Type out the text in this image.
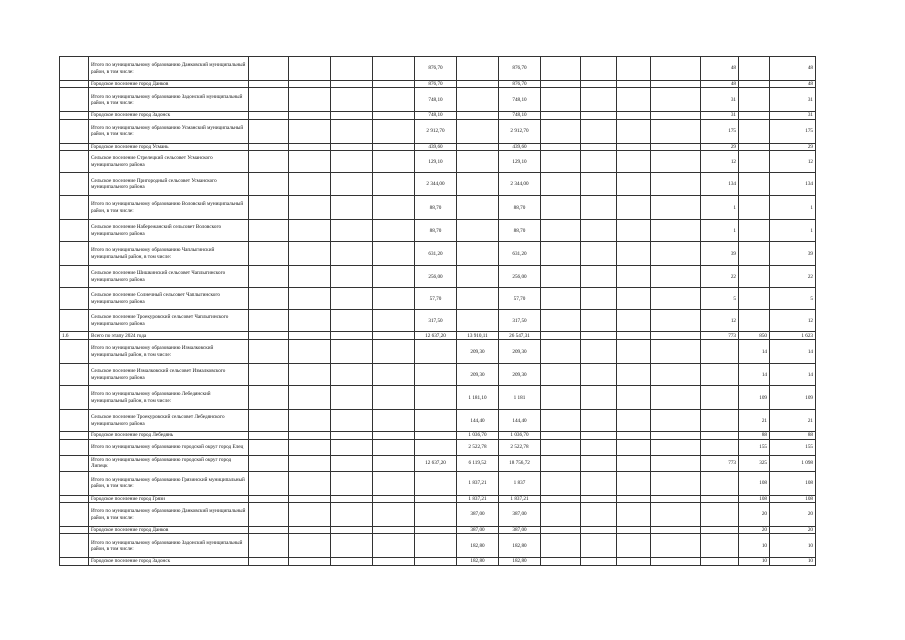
	Итого по муниципальному образованию Данковский муниципальный район, в том числе:					876,70		876,70					48		48
	Городское поселение город Данков					876,70		876,70					48		48
	Итого по муниципальному образованию Задонский муниципальный район, в том числе:					748,10		748,10					31		31
	Городское поселение город Задонск					748,10		748,10					31		31
	Итого по муниципальному образованию Усманский муниципальный район, в том числе:					2 912,70		2 912,70					175		175
	Городское поселение город Усмань					439,60		439,60					29		29
	Сельское поселение Стрелецкий сельсовет Усманского муниципального района					129,10		129,10					12		12
	Сельское поселение Пригородный сельсовет Усманского муниципального района					2 344,00		2 344,00					134		134
	Итого по муниципальному образованию Воловский муниципальный район, в том числе:					88,70		88,70					1		1
	Сельское поселение Набережанский сельсовет Воловского муниципального района					88,70		88,70					1		1
	Итого по муниципальному образованию Чаплыгинский муниципальный район, в том числе:					631,20		631,20					39		39
	Сельское поселение Шишкинский сельсовет Чаплыгинского муниципального района					256,00		256,00					22		22
	Сельское поселение Солнечный сельсовет Чаплыгинского муниципального района					57,70		57,70					5		5
	Сельское поселение Троекуровский сельсовет Чаплыгинского муниципального района					317,50		317,50					12		12
1.6	Всего по этапу 2024 года					12 637,20	13 910,11	26 547,31					773	850	1 623
	Итого по муниципальному образованию Измалковский муниципальный район, в том числе:						209,30	209,30						14	14
	Сельское поселение Измалковский сельсовет Измалковского муниципального района						209,30	209,30						14	14
	Итого по муниципальному образованию Лебедянский муниципальный район, в том числе:						1 181,10	1 181						109	109
	Сельское поселение Троекуровский сельсовет Лебедянского муниципального района						144,40	144,40						21	21
	Городское поселение город Лебедянь						1 036,70	1 036,70						88	88
	Итого по муниципальному образованию городской округ город Елец						2 522,78	2 522,78						155	155
	Итого по муниципальному образованию городской округ город Липецк					12 637,20	6 119,52	18 756,72					773	325	1 098
	Итого по муниципальному образованию Грязинский муниципальный район, в том числе:						1 837,21	1 837						108	108
	Городское поселение город Грязи						1 837,21	1 837,21						108	108
	Итого по муниципальному образованию Данковский муниципальный район, в том числе:						387,00	387,00						20	20
	Городское поселение город Данков						387,00	387,00						20	20
	Итого по муниципальному образованию Задонский муниципальный район, в том числе:						182,80	182,80						10	10
	Городское поселение город Задонск						182,80	182,80						10	10
